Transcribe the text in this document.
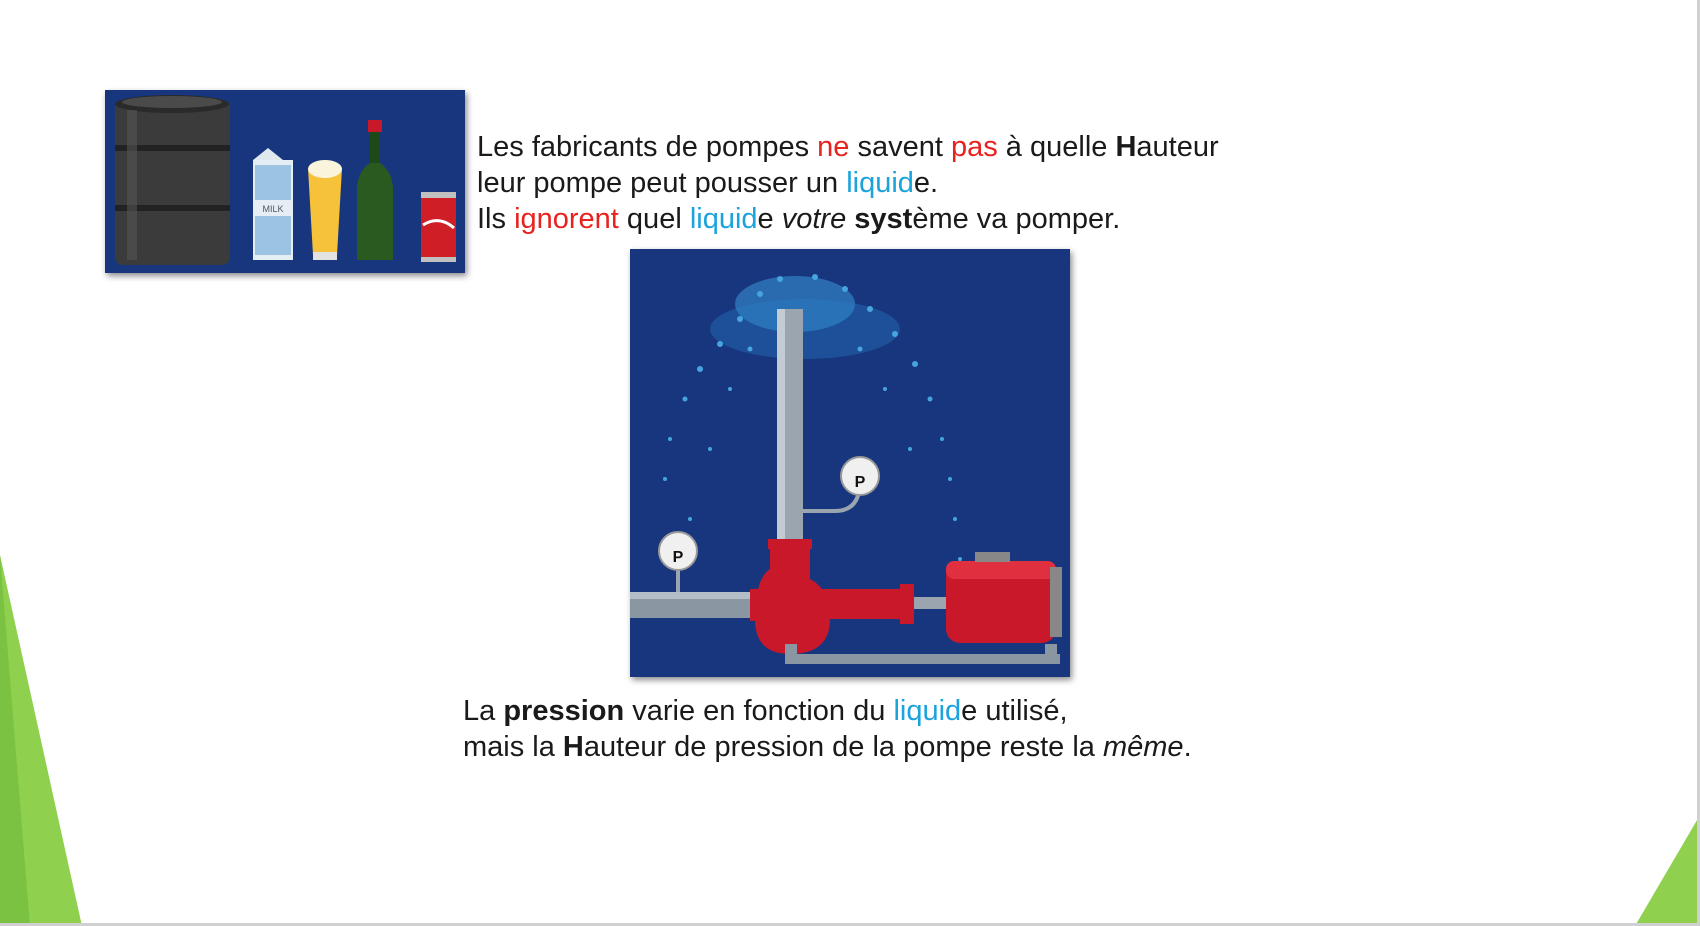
MILK
Les fabricants de pompes ne savent pas à quelle Hauteur
leur pompe peut pousser un liquide.
Ils ignorent quel liquide votre système va pomper.
P
P
La pression varie en fonction du liquide utilisé,
mais la Hauteur de pression de la pompe reste la même.
